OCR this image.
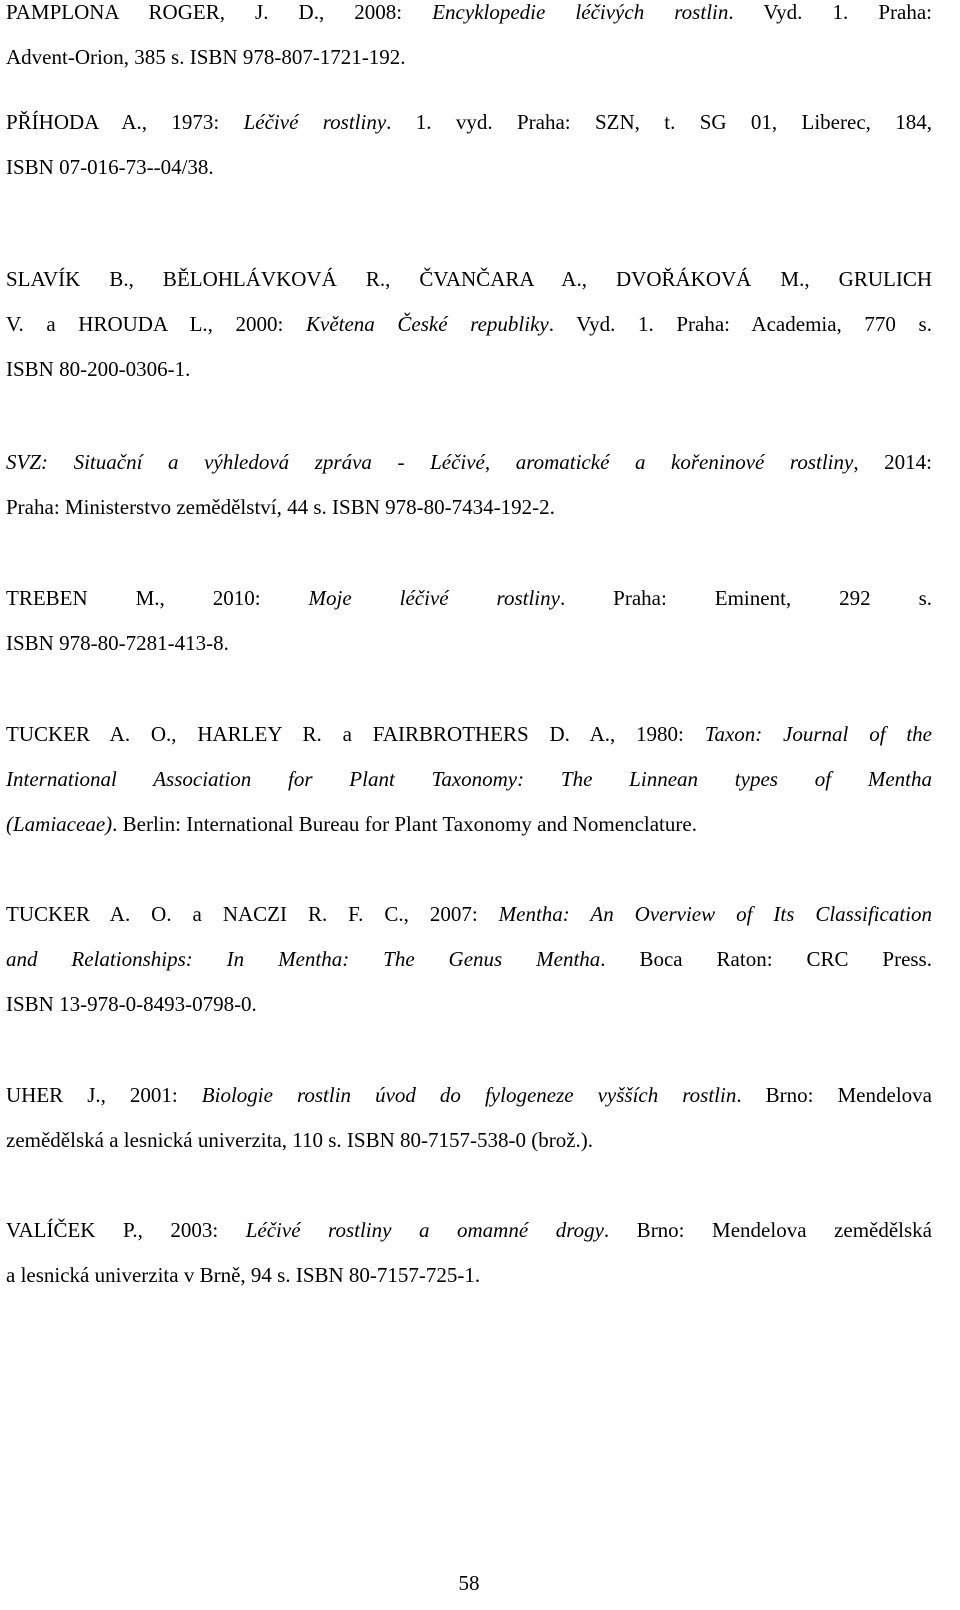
PAMPLONA ROGER, J. D., 2008: Encyklopedie léčivých rostlin. Vyd. 1. Praha:
Advent-Orion, 385 s. ISBN 978-807-1721-192.
PŘÍHODA A., 1973: Léčivé rostliny. 1. vyd. Praha: SZN, t. SG 01, Liberec, 184,
ISBN 07-016-73--04/38.
SLAVÍK B., BĚLOHLÁVKOVÁ R., ČVANČARA A., DVOŘÁKOVÁ M., GRULICH
V. a HROUDA L., 2000: Květena České republiky. Vyd. 1. Praha: Academia, 770 s.
ISBN 80-200-0306-1.
SVZ: Situační a výhledová zpráva - Léčivé, aromatické a kořeninové rostliny, 2014:
Praha: Ministerstvo zemědělství, 44 s. ISBN 978-80-7434-192-2.
TREBEN M., 2010: Moje léčivé rostliny. Praha: Eminent, 292 s.
ISBN 978-80-7281-413-8.
TUCKER A. O., HARLEY R. a FAIRBROTHERS D. A., 1980: Taxon: Journal of the
International Association for Plant Taxonomy: The Linnean types of Mentha
(Lamiaceae). Berlin: International Bureau for Plant Taxonomy and Nomenclature.
TUCKER A. O. a NACZI R. F. C., 2007: Mentha: An Overview of Its Classification
and Relationships: In Mentha: The Genus Mentha. Boca Raton: CRC Press.
ISBN 13-978-0-8493-0798-0.
UHER J., 2001: Biologie rostlin úvod do fylogeneze vyšších rostlin. Brno: Mendelova
zemědělská a lesnická univerzita, 110 s. ISBN 80-7157-538-0 (brož.).
VALÍČEK P., 2003: Léčivé rostliny a omamné drogy. Brno: Mendelova zemědělská
a lesnická univerzita v Brně, 94 s. ISBN 80-7157-725-1.
58
